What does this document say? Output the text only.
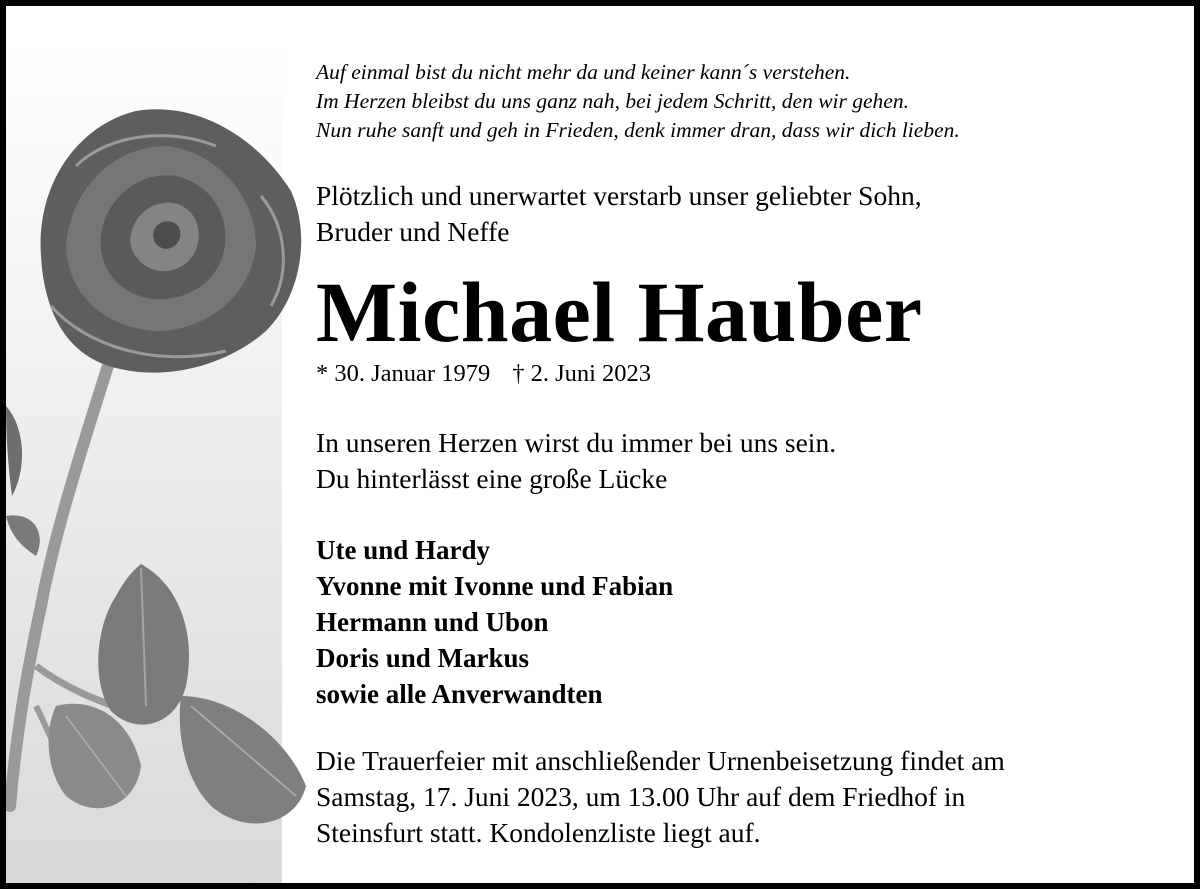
Auf einmal bist du nicht mehr da und keiner kann´s verstehen.
Im Herzen bleibst du uns ganz nah, bei jedem Schritt, den wir gehen.
Nun ruhe sanft und geh in Frieden, denk immer dran, dass wir dich lieben.
Plötzlich und unerwartet verstarb unser geliebter Sohn,
Bruder und Neffe
Michael Hauber
* 30. Januar 1979 † 2. Juni 2023
In unseren Herzen wirst du immer bei uns sein.
Du hinterlässt eine große Lücke
Ute und Hardy
Yvonne mit Ivonne und Fabian
Hermann und Ubon
Doris und Markus
sowie alle Anverwandten
Die Trauerfeier mit anschließender Urnenbeisetzung findet am
Samstag, 17. Juni 2023, um 13.00 Uhr auf dem Friedhof in
Steinsfurt statt. Kondolenzliste liegt auf.
